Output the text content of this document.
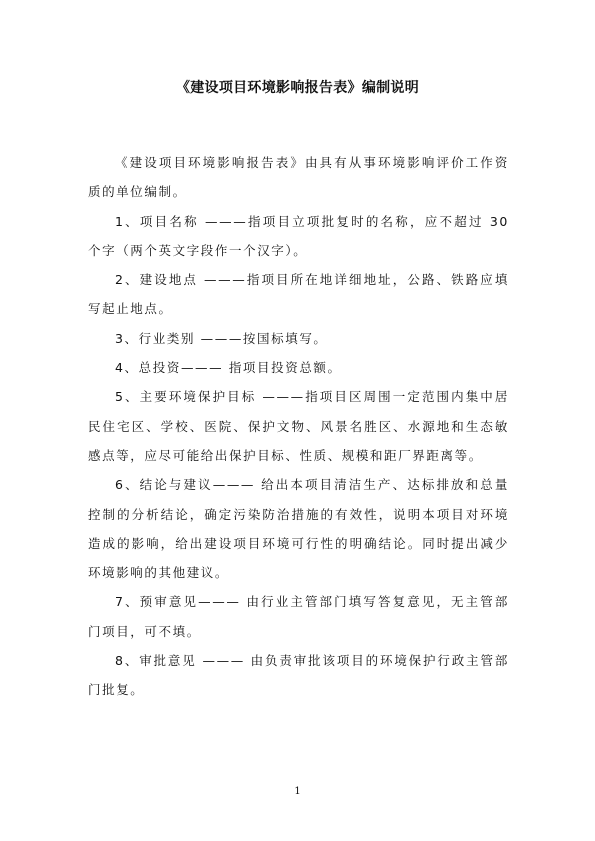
《建设项目环境影响报告表》编制说明

《建设项目环境影响报告表》由具有从事环境影响评价工作资质的单位编制。

1、项目名称 ———指项目立项批复时的名称，应不超过 30 个字（两个英文字段作一个汉字）。

2、建设地点 ———指项目所在地详细地址，公路、铁路应填写起止地点。

3、行业类别 ———按国标填写。

4、总投资——— 指项目投资总额。

5、主要环境保护目标 ———指项目区周围一定范围内集中居民住宅区、学校、医院、保护文物、风景名胜区、水源地和生态敏感点等，应尽可能给出保护目标、性质、规模和距厂界距离等。

6、结论与建议——— 给出本项目清洁生产、达标排放和总量控制的分析结论，确定污染防治措施的有效性，说明本项目对环境造成的影响，给出建设项目环境可行性的明确结论。同时提出减少环境影响的其他建议。

7、预审意见——— 由行业主管部门填写答复意见，无主管部门项目，可不填。

8、审批意见 ——— 由负责审批该项目的环境保护行政主管部门批复。

1
